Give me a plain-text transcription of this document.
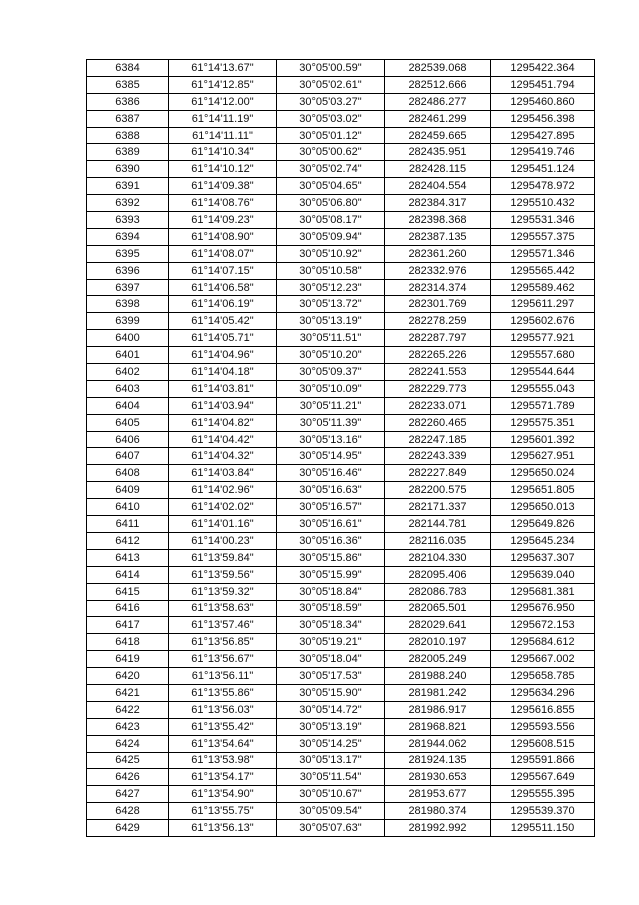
6384	61°14'13.67"	30°05'00.59"	282539.068	1295422.364
6385	61°14'12.85"	30°05'02.61"	282512.666	1295451.794
6386	61°14'12.00"	30°05'03.27"	282486.277	1295460.860
6387	61°14'11.19"	30°05'03.02"	282461.299	1295456.398
6388	61°14'11.11"	30°05'01.12"	282459.665	1295427.895
6389	61°14'10.34"	30°05'00.62"	282435.951	1295419.746
6390	61°14'10.12"	30°05'02.74"	282428.115	1295451.124
6391	61°14'09.38"	30°05'04.65"	282404.554	1295478.972
6392	61°14'08.76"	30°05'06.80"	282384.317	1295510.432
6393	61°14'09.23"	30°05'08.17"	282398.368	1295531.346
6394	61°14'08.90"	30°05'09.94"	282387.135	1295557.375
6395	61°14'08.07"	30°05'10.92"	282361.260	1295571.346
6396	61°14'07.15"	30°05'10.58"	282332.976	1295565.442
6397	61°14'06.58"	30°05'12.23"	282314.374	1295589.462
6398	61°14'06.19"	30°05'13.72"	282301.769	1295611.297
6399	61°14'05.42"	30°05'13.19"	282278.259	1295602.676
6400	61°14'05.71"	30°05'11.51"	282287.797	1295577.921
6401	61°14'04.96"	30°05'10.20"	282265.226	1295557.680
6402	61°14'04.18"	30°05'09.37"	282241.553	1295544.644
6403	61°14'03.81"	30°05'10.09"	282229.773	1295555.043
6404	61°14'03.94"	30°05'11.21"	282233.071	1295571.789
6405	61°14'04.82"	30°05'11.39"	282260.465	1295575.351
6406	61°14'04.42"	30°05'13.16"	282247.185	1295601.392
6407	61°14'04.32"	30°05'14.95"	282243.339	1295627.951
6408	61°14'03.84"	30°05'16.46"	282227.849	1295650.024
6409	61°14'02.96"	30°05'16.63"	282200.575	1295651.805
6410	61°14'02.02"	30°05'16.57"	282171.337	1295650.013
6411	61°14'01.16"	30°05'16.61"	282144.781	1295649.826
6412	61°14'00.23"	30°05'16.36"	282116.035	1295645.234
6413	61°13'59.84"	30°05'15.86"	282104.330	1295637.307
6414	61°13'59.56"	30°05'15.99"	282095.406	1295639.040
6415	61°13'59.32"	30°05'18.84"	282086.783	1295681.381
6416	61°13'58.63"	30°05'18.59"	282065.501	1295676.950
6417	61°13'57.46"	30°05'18.34"	282029.641	1295672.153
6418	61°13'56.85"	30°05'19.21"	282010.197	1295684.612
6419	61°13'56.67"	30°05'18.04"	282005.249	1295667.002
6420	61°13'56.11"	30°05'17.53"	281988.240	1295658.785
6421	61°13'55.86"	30°05'15.90"	281981.242	1295634.296
6422	61°13'56.03"	30°05'14.72"	281986.917	1295616.855
6423	61°13'55.42"	30°05'13.19"	281968.821	1295593.556
6424	61°13'54.64"	30°05'14.25"	281944.062	1295608.515
6425	61°13'53.98"	30°05'13.17"	281924.135	1295591.866
6426	61°13'54.17"	30°05'11.54"	281930.653	1295567.649
6427	61°13'54.90"	30°05'10.67"	281953.677	1295555.395
6428	61°13'55.75"	30°05'09.54"	281980.374	1295539.370
6429	61°13'56.13"	30°05'07.63"	281992.992	1295511.150
